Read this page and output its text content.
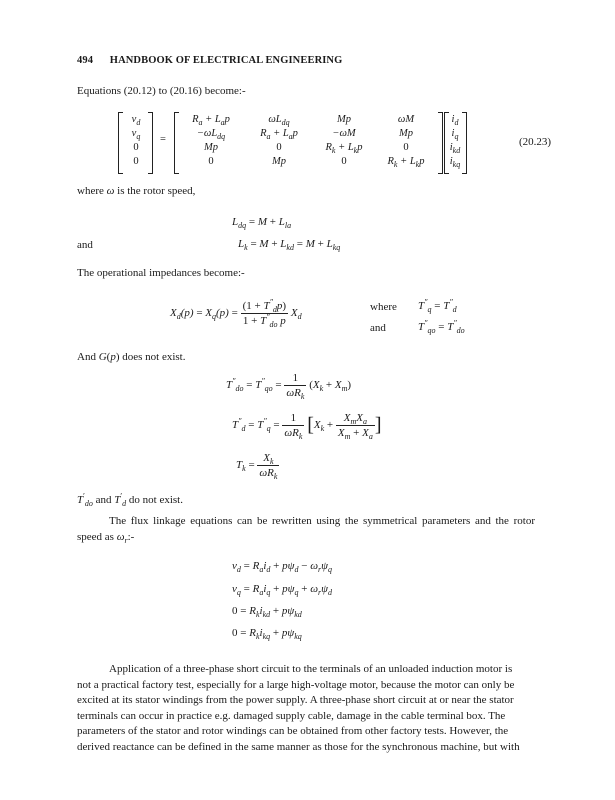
494 HANDBOOK OF ELECTRICAL ENGINEERING
Equations (20.12) to (20.16) become:-
$v_d$
$v_q$
0
0
=
$R_a + L_ap$	$\omega L_{dq}$	Mp	ωM
$-\omega L_{dq}$	$R_a + L_ap$	−ωM	Mp
Mp	0	$R_k + L_kp$	0
0	Mp	0	$R_k + L_kp$
$i_d$
$i_q$
$i_{kd}$
$i_{kq}$
(20.23)
where ω is the rotor speed,
$L_{dq} = M + L_{la}$
and	$L_k = M + L_{kd} = M + L_{kq}$
The operational impedances become:-
$X_d(p) = X_q(p) = \frac{(1 + T''_dp)}{1 + T''_{do} p} X_d$
where $T''_q = T''_d$
and	$T''_{qo} = T''_{do}$
And G(p) does not exist.
$T''_{do} = T''_{qo} = \frac{1}{\omega R_k} (X_k + X_m)$
$T''_d = T''_q = \frac{1}{\omega R_k} [X_k + \frac{X_mX_a}{X_m + X_a}$ ]
$T_k = \frac{X_k}{\omega R_k}$
$T'_{do}$ and $T'_d$ do not exist.
The flux linkage equations can be rewritten using the symmetrical parameters and the rotor speed as $\omega_r:-$
$v_d = R_ai_d + p\psi_d - \omega_r\psi_q$
$v_q = R_ai_q + p\psi_q + \omega_r\psi_d$
$0 = R_ki_{kd} + p\psi_{kd}$
$0 = R_ki_{kq} + p\psi_{kq}$
Application of a three-phase short circuit to the terminals of an unloaded induction motor is
not a practical factory test, especially for a large high-voltage motor, because the motor can only be
excited at its stator windings from the power supply. A three-phase short circuit at or near the stator
terminals can occur in practice e.g. damaged supply cable, damage in the cable terminal box. The
parameters of the stator and rotor windings can be obtained from other factory tests. However, the
derived reactance can be defined in the same manner as those for the synchronous machine, but with
